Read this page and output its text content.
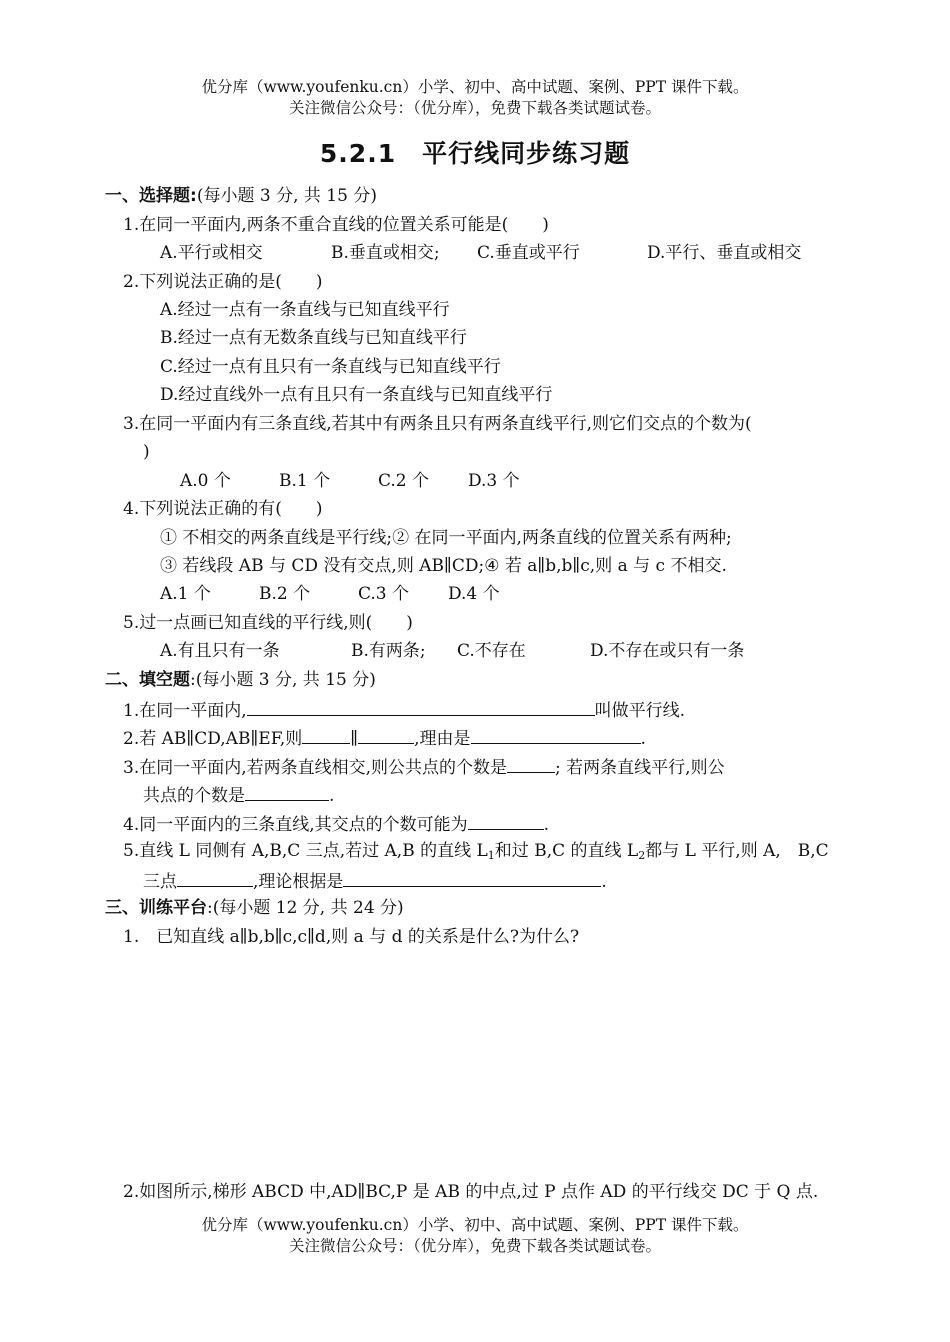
优分库（www.youfenku.cn）小学、初中、高中试题、案例、PPT 课件下载。
关注微信公众号：（优分库），免费下载各类试题试卷。
5.2.1　平行线同步练习题
一、选择题:(每小题 3 分, 共 15 分)
1.在同一平面内,两条不重合直线的位置关系可能是(　　)
A.平行或相交	B.垂直或相交; C.垂直或平行	D.平行、垂直或相交
2.下列说法正确的是(　　)
A.经过一点有一条直线与已知直线平行
B.经过一点有无数条直线与已知直线平行
C.经过一点有且只有一条直线与已知直线平行
D.经过直线外一点有且只有一条直线与已知直线平行
3.在同一平面内有三条直线,若其中有两条且只有两条直线平行,则它们交点的个数为(
)
A.0 个	B.1 个	C.2 个 D.3 个
4.下列说法正确的有(　　)
① 不相交的两条直线是平行线;② 在同一平面内,两条直线的位置关系有两种;
③ 若线段 AB 与 CD 没有交点,则 AB∥CD;④ 若 a∥b,b∥c,则 a 与 c 不相交.
A.1 个	B.2 个	C.3 个 D.4 个
5.过一点画已知直线的平行线,则(　　)
A.有且只有一条	B.有两条; C.不存在	D.不存在或只有一条
二、填空题:(每小题 3 分, 共 15 分)
1.在同一平面内,	叫做平行线.
2.若 AB∥CD,AB∥EF,则	∥	,理由是	.
3.在同一平面内,若两条直线相交,则公共点的个数是	; 若两条直线平行,则公
共点的个数是	.
4.同一平面内的三条直线,其交点的个数可能为	.
5.直线 L 同侧有 A,B,C 三点,若过 A,B 的直线 $L_1$和过 B,C 的直线 $L_2$都与 L 平行,则 A,　B,C
三点	,理论根据是	.
三、训练平台:(每小题 12 分, 共 24 分)
1.　已知直线 a∥b,b∥c,c∥d,则 a 与 d 的关系是什么?为什么?
2.如图所示,梯形 ABCD 中,AD∥BC,P 是 AB 的中点,过 P 点作 AD 的平行线交 DC 于 Q 点.
优分库（www.youfenku.cn）小学、初中、高中试题、案例、PPT 课件下载。
关注微信公众号：（优分库），免费下载各类试题试卷。
